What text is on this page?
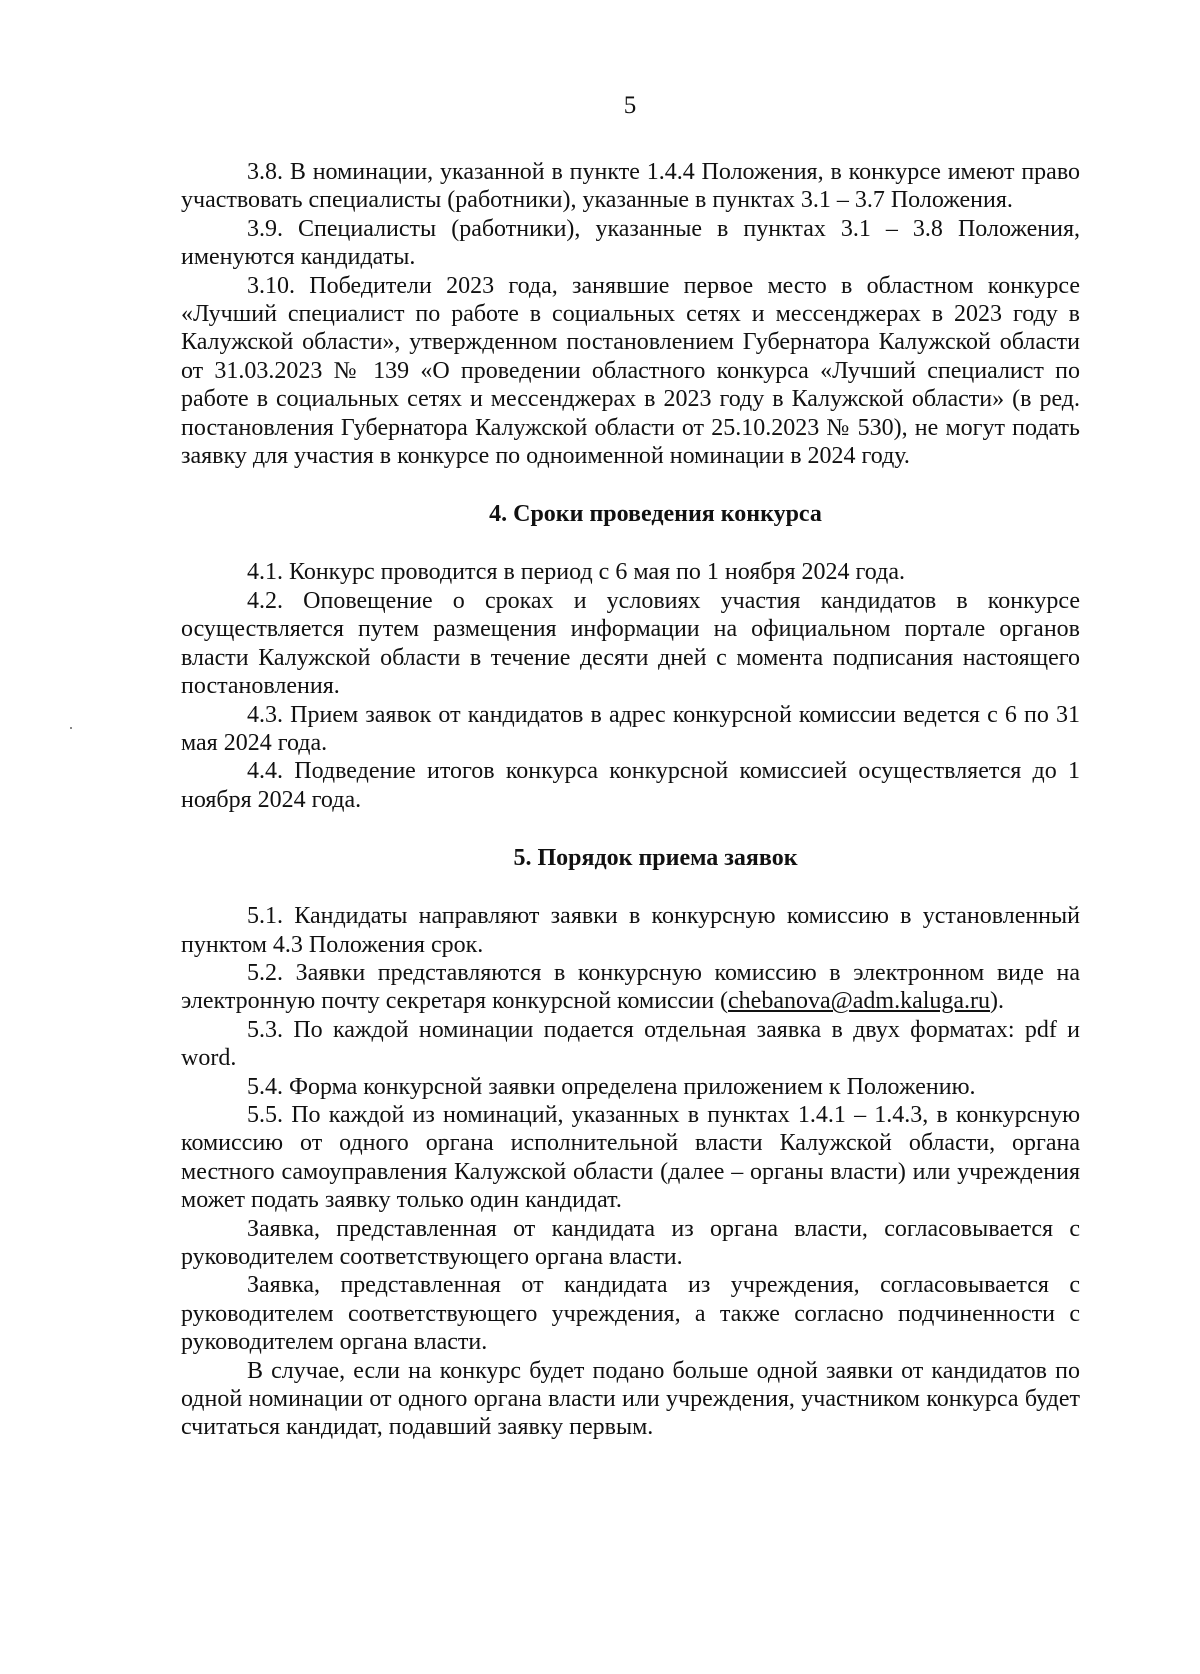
5

3.8. В номинации, указанной в пункте 1.4.4 Положения, в конкурсе имеют право участвовать специалисты (работники), указанные в пунктах 3.1 – 3.7 Положения.

3.9. Специалисты (работники), указанные в пунктах 3.1 – 3.8 Положения, именуются кандидаты.

3.10. Победители 2023 года, занявшие первое место в областном конкурсе «Лучший специалист по работе в социальных сетях и мессенджерах в 2023 году в Калужской области», утвержденном постановлением Губернатора Калужской области от 31.03.2023 № 139 «О проведении областного конкурса «Лучший специалист по работе в социальных сетях и мессенджерах в 2023 году в Калужской области» (в ред. постановления Губернатора Калужской области от 25.10.2023 № 530), не могут подать заявку для участия в конкурсе по одноименной номинации в 2024 году.

4. Сроки проведения конкурса

4.1. Конкурс проводится в период с 6 мая по 1 ноября 2024 года.

4.2. Оповещение о сроках и условиях участия кандидатов в конкурсе осуществляется путем размещения информации на официальном портале органов власти Калужской области в течение десяти дней с момента подписания настоящего постановления.

4.3. Прием заявок от кандидатов в адрес конкурсной комиссии ведется с 6 по 31 мая 2024 года.

4.4. Подведение итогов конкурса конкурсной комиссией осуществляется до 1 ноября 2024 года.

5. Порядок приема заявок

5.1. Кандидаты направляют заявки в конкурсную комиссию в установленный пунктом 4.3 Положения срок.

5.2. Заявки представляются в конкурсную комиссию в электронном виде на электронную почту секретаря конкурсной комиссии (chebanova@adm.kaluga.ru).

5.3. По каждой номинации подается отдельная заявка в двух форматах: pdf и word.

5.4. Форма конкурсной заявки определена приложением к Положению.

5.5. По каждой из номинаций, указанных в пунктах 1.4.1 – 1.4.3, в конкурсную комиссию от одного органа исполнительной власти Калужской области, органа местного самоуправления Калужской области (далее – органы власти) или учреждения может подать заявку только один кандидат.

Заявка, представленная от кандидата из органа власти, согласовывается с руководителем соответствующего органа власти.

Заявка, представленная от кандидата из учреждения, согласовывается с руководителем соответствующего учреждения, а также согласно подчиненности с руководителем органа власти.

В случае, если на конкурс будет подано больше одной заявки от кандидатов по одной номинации от одного органа власти или учреждения, участником конкурса будет считаться кандидат, подавший заявку первым.
